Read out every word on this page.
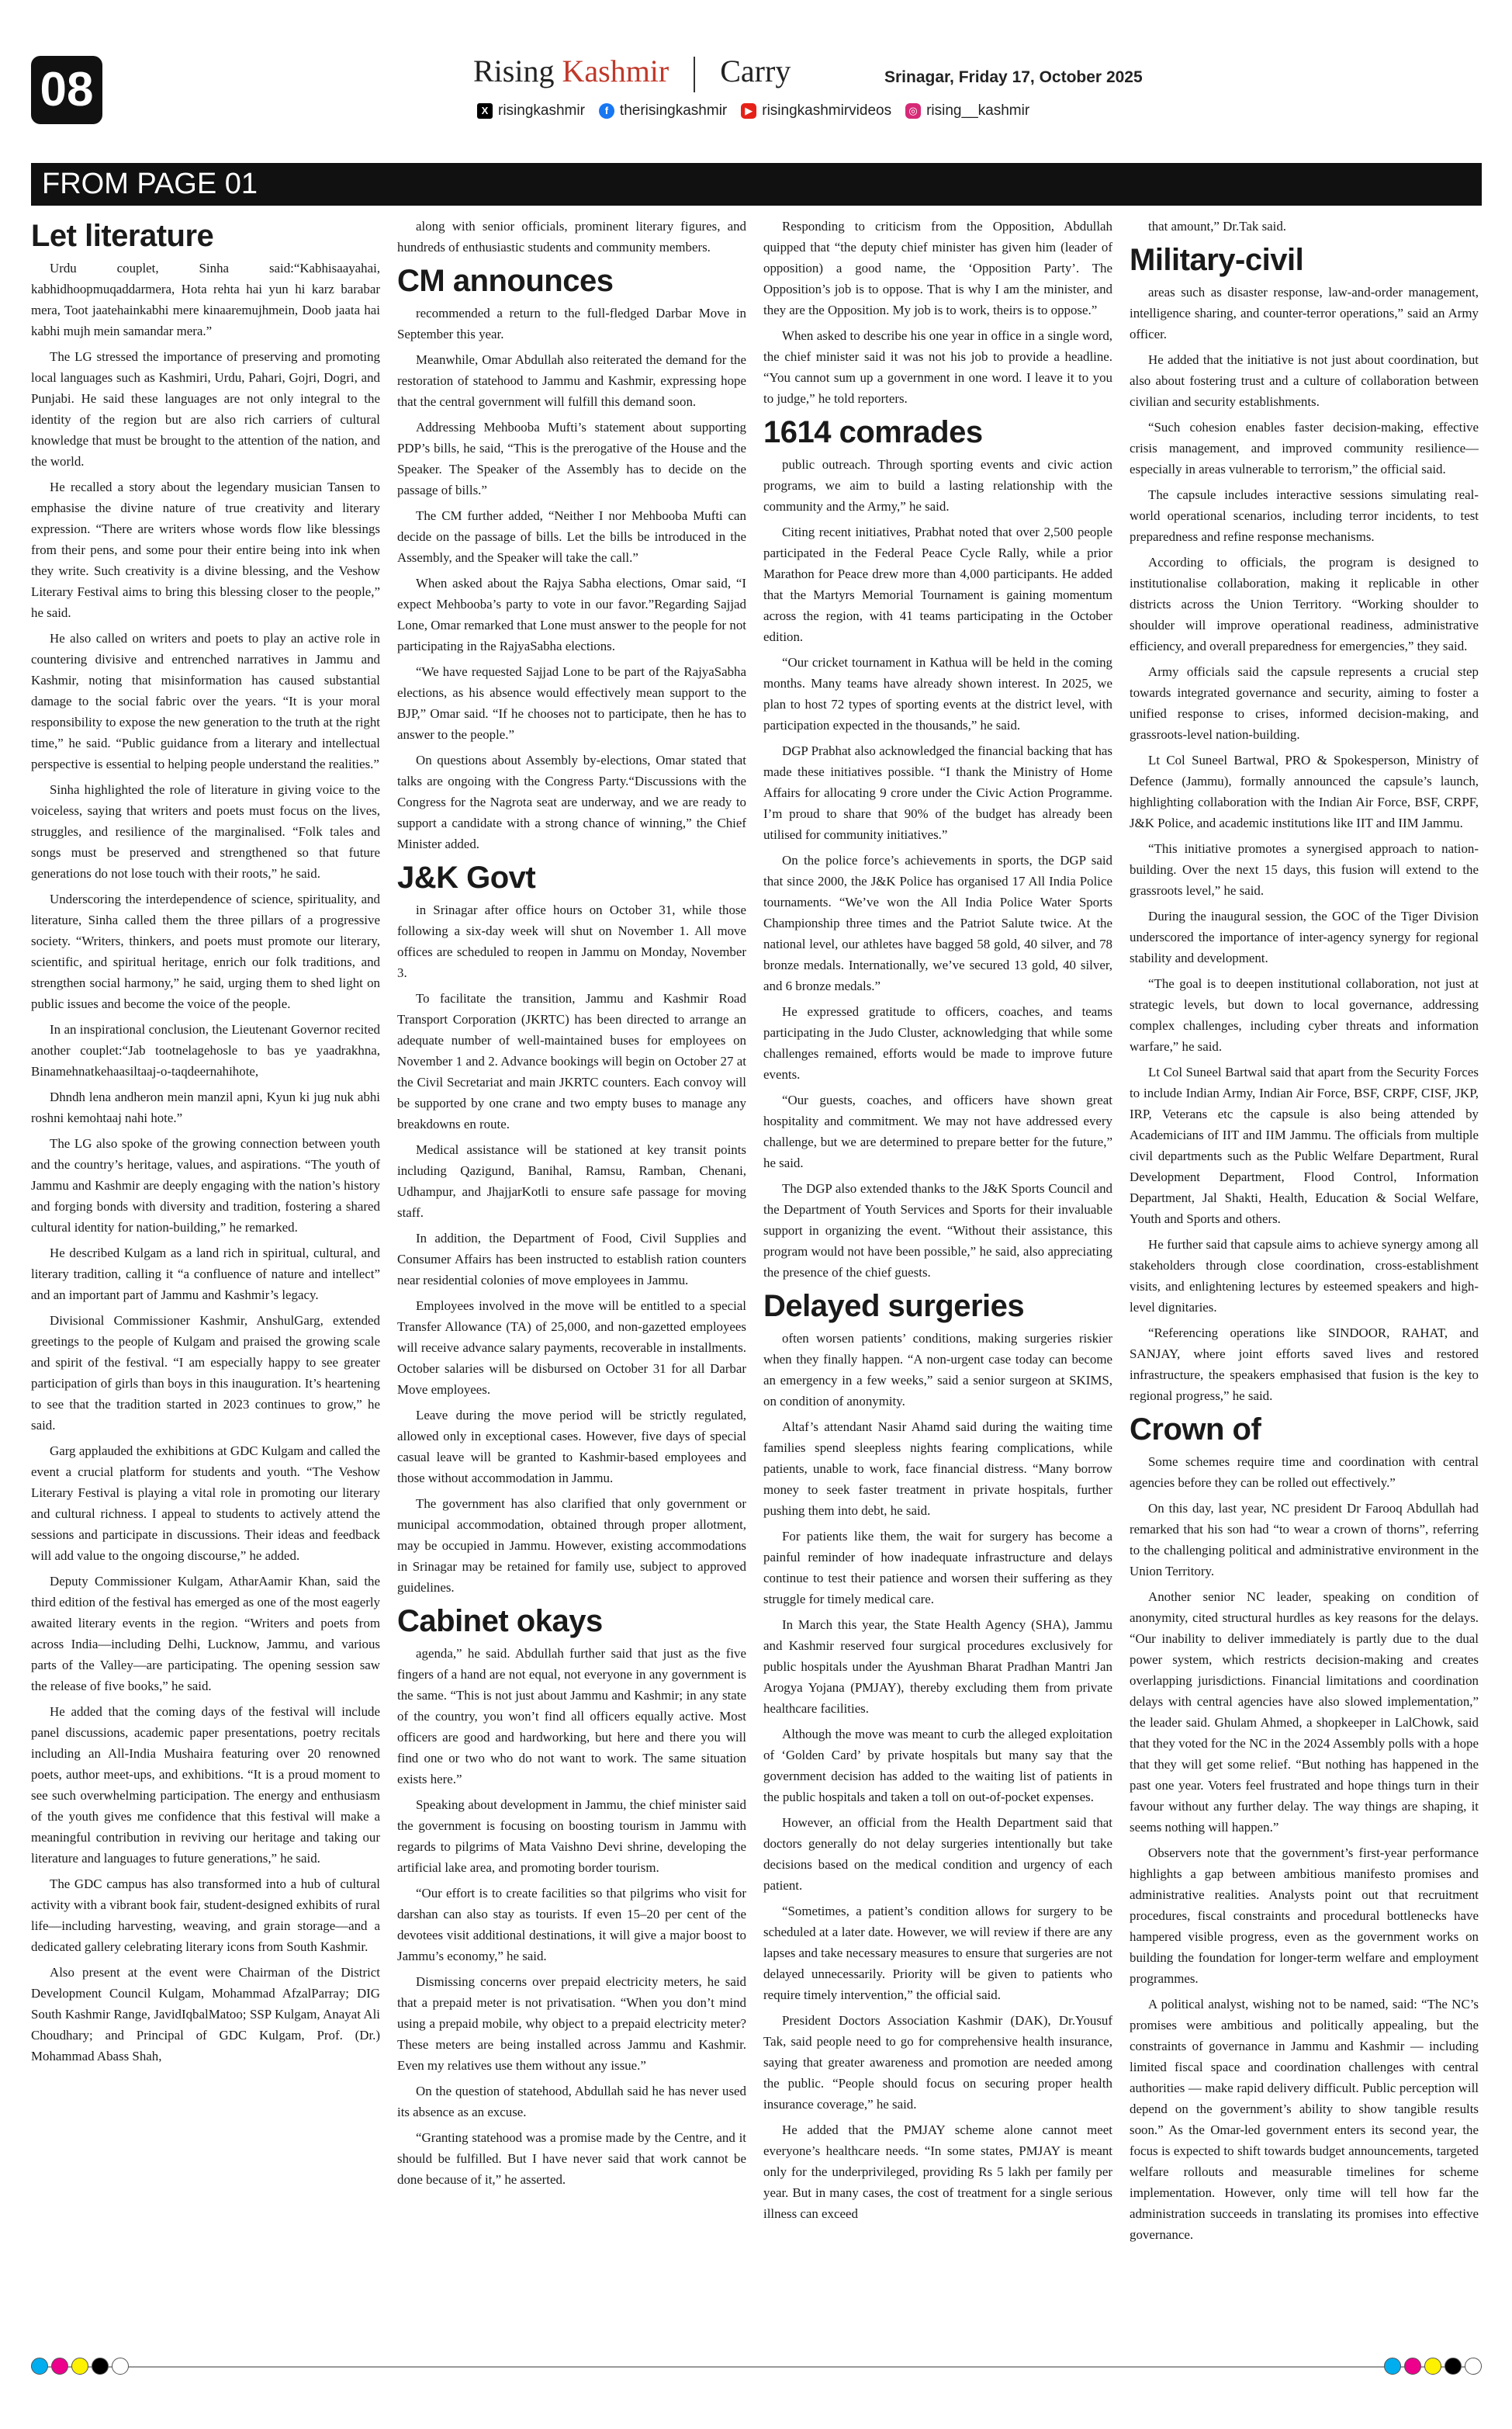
08	Rising Kashmir Carry	Srinagar, Friday 17, October 2025
X risingkashmir	f therisingkashmir	▶ risingkashmirvideos	◎ rising__kashmir
FROM PAGE 01
Let literature

Urdu couplet, Sinha said:“Kabhisaayahai, kabhidhoopmuqaddarmera, Hota rehta hai yun hi karz barabar mera, Toot jaatehainkabhi mere kinaaremujhmein, Doob jaata hai kabhi mujh mein samandar mera.”

The LG stressed the importance of preserving and promoting local languages such as Kashmiri, Urdu, Pahari, Gojri, Dogri, and Punjabi. He said these languages are not only integral to the identity of the region but are also rich carriers of cultural knowledge that must be brought to the attention of the nation, and the world.

He recalled a story about the legendary musician Tansen to emphasise the divine nature of true creativity and literary expression. “There are writers whose words flow like blessings from their pens, and some pour their entire being into ink when they write. Such creativity is a divine blessing, and the Veshow Literary Festival aims to bring this blessing closer to the people,” he said.

He also called on writers and poets to play an active role in countering divisive and entrenched narratives in Jammu and Kashmir, noting that misinformation has caused substantial damage to the social fabric over the years. “It is your moral responsibility to expose the new generation to the truth at the right time,” he said. “Public guidance from a literary and intellectual perspective is essential to helping people understand the realities.”

Sinha highlighted the role of literature in giving voice to the voiceless, saying that writers and poets must focus on the lives, struggles, and resilience of the marginalised. “Folk tales and songs must be preserved and strengthened so that future generations do not lose touch with their roots,” he said.

Underscoring the interdependence of science, spirituality, and literature, Sinha called them the three pillars of a progressive society. “Writers, thinkers, and poets must promote our literary, scientific, and spiritual heritage, enrich our folk traditions, and strengthen social harmony,” he said, urging them to shed light on public issues and become the voice of the people.

In an inspirational conclusion, the Lieutenant Governor recited another couplet:“Jab tootnelagehosle to bas ye yaadrakhna, Binamehnatkehaasiltaaj-o-taqdeernahihote,

Dhndh lena andheron mein manzil apni, Kyun ki jug nuk abhi roshni kemohtaaj nahi hote.”

The LG also spoke of the growing connection between youth and the country’s heritage, values, and aspirations. “The youth of Jammu and Kashmir are deeply engaging with the nation’s history and forging bonds with diversity and tradition, fostering a shared cultural identity for nation-building,” he remarked.

He described Kulgam as a land rich in spiritual, cultural, and literary tradition, calling it “a confluence of nature and intellect” and an important part of Jammu and Kashmir’s legacy.

Divisional Commissioner Kashmir, AnshulGarg, extended greetings to the people of Kulgam and praised the growing scale and spirit of the festival. “I am especially happy to see greater participation of girls than boys in this inauguration. It’s heartening to see that the tradition started in 2023 continues to grow,” he said.

Garg applauded the exhibitions at GDC Kulgam and called the event a crucial platform for students and youth. “The Veshow Literary Festival is playing a vital role in promoting our literary and cultural richness. I appeal to students to actively attend the sessions and participate in discussions. Their ideas and feedback will add value to the ongoing discourse,” he added.

Deputy Commissioner Kulgam, AtharAamir Khan, said the third edition of the festival has emerged as one of the most eagerly awaited literary events in the region. “Writers and poets from across India—including Delhi, Lucknow, Jammu, and various parts of the Valley—are participating. The opening session saw the release of five books,” he said.

He added that the coming days of the festival will include panel discussions, academic paper presentations, poetry recitals including an All-India Mushaira featuring over 20 renowned poets, author meet-ups, and exhibitions. “It is a proud moment to see such overwhelming participation. The energy and enthusiasm of the youth gives me confidence that this festival will make a meaningful contribution in reviving our heritage and taking our literature and languages to future generations,” he said.

The GDC campus has also transformed into a hub of cultural activity with a vibrant book fair, student-designed exhibits of rural life—including harvesting, weaving, and grain storage—and a dedicated gallery celebrating literary icons from South Kashmir.

Also present at the event were Chairman of the District Development Council Kulgam, Mohammad AfzalParray; DIG South Kashmir Range, JavidIqbalMatoo; SSP Kulgam, Anayat Ali Choudhary; and Principal of GDC Kulgam, Prof. (Dr.) Mohammad Abass Shah,

along with senior officials, prominent literary figures, and hundreds of enthusiastic students and community members.

CM announces

recommended a return to the full-fledged Darbar Move in September this year.

Meanwhile, Omar Abdullah also reiterated the demand for the restoration of statehood to Jammu and Kashmir, expressing hope that the central government will fulfill this demand soon.

Addressing Mehbooba Mufti’s statement about supporting PDP’s bills, he said, “This is the prerogative of the House and the Speaker. The Speaker of the Assembly has to decide on the passage of bills.”

The CM further added, “Neither I nor Mehbooba Mufti can decide on the passage of bills. Let the bills be introduced in the Assembly, and the Speaker will take the call.”

When asked about the Rajya Sabha elections, Omar said, “I expect Mehbooba’s party to vote in our favor.”Regarding Sajjad Lone, Omar remarked that Lone must answer to the people for not participating in the RajyaSabha elections.

“We have requested Sajjad Lone to be part of the RajyaSabha elections, as his absence would effectively mean support to the BJP,” Omar said. “If he chooses not to participate, then he has to answer to the people.”

On questions about Assembly by-elections, Omar stated that talks are ongoing with the Congress Party.“Discussions with the Congress for the Nagrota seat are underway, and we are ready to support a candidate with a strong chance of winning,” the Chief Minister added.

J&K Govt

in Srinagar after office hours on October 31, while those following a six-day week will shut on November 1. All move offices are scheduled to reopen in Jammu on Monday, November 3.

To facilitate the transition, Jammu and Kashmir Road Transport Corporation (JKRTC) has been directed to arrange an adequate number of well-maintained buses for employees on November 1 and 2. Advance bookings will begin on October 27 at the Civil Secretariat and main JKRTC counters. Each convoy will be supported by one crane and two empty buses to manage any breakdowns en route.

Medical assistance will be stationed at key transit points including Qazigund, Banihal, Ramsu, Ramban, Chenani, Udhampur, and JhajjarKotli to ensure safe passage for moving staff.

In addition, the Department of Food, Civil Supplies and Consumer Affairs has been instructed to establish ration counters near residential colonies of move employees in Jammu.

Employees involved in the move will be entitled to a special Transfer Allowance (TA) of 25,000, and non-gazetted employees will receive advance salary payments, recoverable in installments. October salaries will be disbursed on October 31 for all Darbar Move employees.

Leave during the move period will be strictly regulated, allowed only in exceptional cases. However, five days of special casual leave will be granted to Kashmir-based employees and those without accommodation in Jammu.

The government has also clarified that only government or municipal accommodation, obtained through proper allotment, may be occupied in Jammu. However, existing accommodations in Srinagar may be retained for family use, subject to approved guidelines.

Cabinet okays

agenda,” he said. Abdullah further said that just as the five fingers of a hand are not equal, not everyone in any government is the same. “This is not just about Jammu and Kashmir; in any state of the country, you won’t find all officers equally active. Most officers are good and hardworking, but here and there you will find one or two who do not want to work. The same situation exists here.”

Speaking about development in Jammu, the chief minister said the government is focusing on boosting tourism in Jammu with regards to pilgrims of Mata Vaishno Devi shrine, developing the artificial lake area, and promoting border tourism.

“Our effort is to create facilities so that pilgrims who visit for darshan can also stay as tourists. If even 15–20 per cent of the devotees visit additional destinations, it will give a major boost to Jammu’s economy,” he said.

Dismissing concerns over prepaid electricity meters, he said that a prepaid meter is not privatisation. “When you don’t mind using a prepaid mobile, why object to a prepaid electricity meter? These meters are being installed across Jammu and Kashmir. Even my relatives use them without any issue.”

On the question of statehood, Abdullah said he has never used its absence as an excuse.

“Granting statehood was a promise made by the Centre, and it should be fulfilled. But I have never said that work cannot be done because of it,” he asserted.

Responding to criticism from the Opposition, Abdullah quipped that “the deputy chief minister has given him (leader of opposition) a good name, the ‘Opposition Party’. The Opposition’s job is to oppose. That is why I am the minister, and they are the Opposition. My job is to work, theirs is to oppose.”

When asked to describe his one year in office in a single word, the chief minister said it was not his job to provide a headline. “You cannot sum up a government in one word. I leave it to you to judge,” he told reporters.

1614 comrades

public outreach. Through sporting events and civic action programs, we aim to build a lasting relationship with the community and the Army,” he said.

Citing recent initiatives, Prabhat noted that over 2,500 people participated in the Federal Peace Cycle Rally, while a prior Marathon for Peace drew more than 4,000 participants. He added that the Martyrs Memorial Tournament is gaining momentum across the region, with 41 teams participating in the October edition.

“Our cricket tournament in Kathua will be held in the coming months. Many teams have already shown interest. In 2025, we plan to host 72 types of sporting events at the district level, with participation expected in the thousands,” he said.

DGP Prabhat also acknowledged the financial backing that has made these initiatives possible. “I thank the Ministry of Home Affairs for allocating 9 crore under the Civic Action Programme. I’m proud to share that 90% of the budget has already been utilised for community initiatives.”

On the police force’s achievements in sports, the DGP said that since 2000, the J&K Police has organised 17 All India Police tournaments. “We’ve won the All India Police Water Sports Championship three times and the Patriot Salute twice. At the national level, our athletes have bagged 58 gold, 40 silver, and 78 bronze medals. Internationally, we’ve secured 13 gold, 40 silver, and 6 bronze medals.”

He expressed gratitude to officers, coaches, and teams participating in the Judo Cluster, acknowledging that while some challenges remained, efforts would be made to improve future events.

“Our guests, coaches, and officers have shown great hospitality and commitment. We may not have addressed every challenge, but we are determined to prepare better for the future,” he said.

The DGP also extended thanks to the J&K Sports Council and the Department of Youth Services and Sports for their invaluable support in organizing the event. “Without their assistance, this program would not have been possible,” he said, also appreciating the presence of the chief guests.

Delayed surgeries

often worsen patients’ conditions, making surgeries riskier when they finally happen. “A non-urgent case today can become an emergency in a few weeks,” said a senior surgeon at SKIMS, on condition of anonymity.

Altaf’s attendant Nasir Ahamd said during the waiting time families spend sleepless nights fearing complications, while patients, unable to work, face financial distress. “Many borrow money to seek faster treatment in private hospitals, further pushing them into debt, he said.

For patients like them, the wait for surgery has become a painful reminder of how inadequate infrastructure and delays continue to test their patience and worsen their suffering as they struggle for timely medical care.

In March this year, the State Health Agency (SHA), Jammu and Kashmir reserved four surgical procedures exclusively for public hospitals under the Ayushman Bharat Pradhan Mantri Jan Arogya Yojana (PMJAY), thereby excluding them from private healthcare facilities.

Although the move was meant to curb the alleged exploitation of ‘Golden Card’ by private hospitals but many say that the government decision has added to the waiting list of patients in the public hospitals and taken a toll on out-of-pocket expenses.

However, an official from the Health Department said that doctors generally do not delay surgeries intentionally but take decisions based on the medical condition and urgency of each patient.

“Sometimes, a patient’s condition allows for surgery to be scheduled at a later date. However, we will review if there are any lapses and take necessary measures to ensure that surgeries are not delayed unnecessarily. Priority will be given to patients who require timely intervention,” the official said.

President Doctors Association Kashmir (DAK), Dr.Yousuf Tak, said people need to go for comprehensive health insurance, saying that greater awareness and promotion are needed among the public. “People should focus on securing proper health insurance coverage,” he said.

He added that the PMJAY scheme alone cannot meet everyone’s healthcare needs. “In some states, PMJAY is meant only for the underprivileged, providing Rs 5 lakh per family per year. But in many cases, the cost of treatment for a single serious illness can exceed

that amount,” Dr.Tak said.

Military-civil

areas such as disaster response, law-and-order management, intelligence sharing, and counter-terror operations,” said an Army officer.

He added that the initiative is not just about coordination, but also about fostering trust and a culture of collaboration between civilian and security establishments.

“Such cohesion enables faster decision-making, effective crisis management, and improved community resilience—especially in areas vulnerable to terrorism,” the official said.

The capsule includes interactive sessions simulating real-world operational scenarios, including terror incidents, to test preparedness and refine response mechanisms.

According to officials, the program is designed to institutionalise collaboration, making it replicable in other districts across the Union Territory. “Working shoulder to shoulder will improve operational readiness, administrative efficiency, and overall preparedness for emergencies,” they said.

Army officials said the capsule represents a crucial step towards integrated governance and security, aiming to foster a unified response to crises, informed decision-making, and grassroots-level nation-building.

Lt Col Suneel Bartwal, PRO & Spokesperson, Ministry of Defence (Jammu), formally announced the capsule’s launch, highlighting collaboration with the Indian Air Force, BSF, CRPF, J&K Police, and academic institutions like IIT and IIM Jammu.

“This initiative promotes a synergised approach to nation-building. Over the next 15 days, this fusion will extend to the grassroots level,” he said.

During the inaugural session, the GOC of the Tiger Division underscored the importance of inter-agency synergy for regional stability and development.

“The goal is to deepen institutional collaboration, not just at strategic levels, but down to local governance, addressing complex challenges, including cyber threats and information warfare,” he said.

Lt Col Suneel Bartwal said that apart from the Security Forces to include Indian Army, Indian Air Force, BSF, CRPF, CISF, JKP, IRP, Veterans etc the capsule is also being attended by Academicians of IIT and IIM Jammu. The officials from multiple civil departments such as the Public Welfare Department, Rural Development Department, Flood Control, Information Department, Jal Shakti, Health, Education & Social Welfare, Youth and Sports and others.

He further said that capsule aims to achieve synergy among all stakeholders through close coordination, cross-establishment visits, and enlightening lectures by esteemed speakers and high-level dignitaries.

“Referencing operations like SINDOOR, RAHAT, and SANJAY, where joint efforts saved lives and restored infrastructure, the speakers emphasised that fusion is the key to regional progress,” he said.

Crown of

Some schemes require time and coordination with central agencies before they can be rolled out effectively.”

On this day, last year, NC president Dr Farooq Abdullah had remarked that his son had “to wear a crown of thorns”, referring to the challenging political and administrative environment in the Union Territory.

Another senior NC leader, speaking on condition of anonymity, cited structural hurdles as key reasons for the delays. “Our inability to deliver immediately is partly due to the dual power system, which restricts decision-making and creates overlapping jurisdictions. Financial limitations and coordination delays with central agencies have also slowed implementation,” the leader said. Ghulam Ahmed, a shopkeeper in LalChowk, said that they voted for the NC in the 2024 Assembly polls with a hope that they will get some relief. “But nothing has happened in the past one year. Voters feel frustrated and hope things turn in their favour without any further delay. The way things are shaping, it seems nothing will happen.”

Observers note that the government’s first-year performance highlights a gap between ambitious manifesto promises and administrative realities. Analysts point out that recruitment procedures, fiscal constraints and procedural bottlenecks have hampered visible progress, even as the government works on building the foundation for longer-term welfare and employment programmes.

A political analyst, wishing not to be named, said: “The NC’s promises were ambitious and politically appealing, but the constraints of governance in Jammu and Kashmir — including limited fiscal space and coordination challenges with central authorities — make rapid delivery difficult. Public perception will depend on the government’s ability to show tangible results soon.” As the Omar-led government enters its second year, the focus is expected to shift towards budget announcements, targeted welfare rollouts and measurable timelines for scheme implementation. However, only time will tell how far the administration succeeds in translating its promises into effective governance.
